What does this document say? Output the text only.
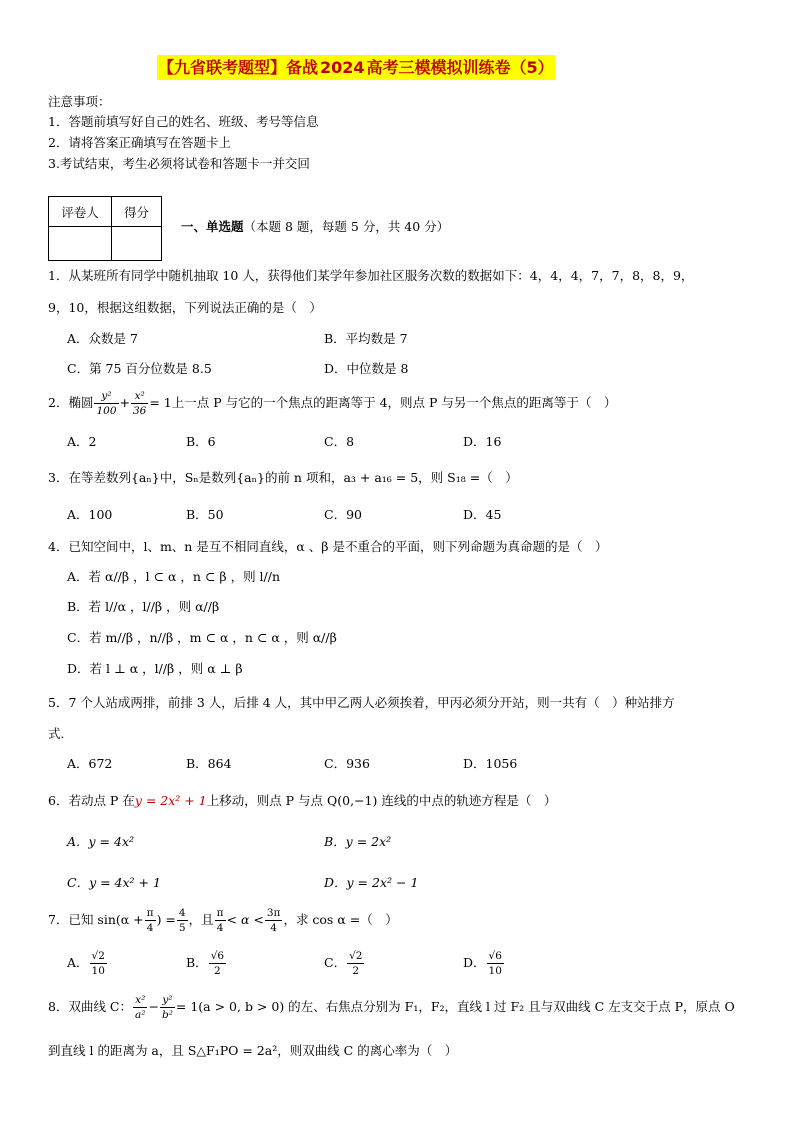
【九省联考题型】备战 2024 高考三模模拟训练卷（5）
注意事项：
1．答题前填写好自己的姓名、班级、考号等信息
2．请将答案正确填写在答题卡上
3.考试结束，考生必须将试卷和答题卡一并交回
评卷人	得分

一、单选题（本题 8 题，每题 5 分，共 40 分）
1．从某班所有同学中随机抽取 10 人，获得他们某学年参加社区服务次数的数据如下：4，4，4，7，7，8，8，9，
9，10，根据这组数据，下列说法正确的是（　）
A．众数是 7	B．平均数是 7
C．第 75 百分位数是 8.5	D．中位数是 8
2．椭圆 $\frac{\text{y²}}{100} + \frac{\text{x²}}{36} = 1$上一点 P 与它的一个焦点的距离等于 4，则点 P 与另一个焦点的距离等于（　）
A．2	B．6	C．8	D．16
3．在等差数列{aₙ}中，Sₙ是数列{aₙ}的前 n 项和，a₃ + a₁₆ = 5，则 S₁₈ =（　）
A．100	B．50	C．90	D．45
4．已知空间中，l、m、n 是互不相同直线，α 、β 是不重合的平面，则下列命题为真命题的是（　）
A．若 α//β ，l ⊂ α ，n ⊂ β ，则 l//n
B．若 l//α ，l//β ，则 α//β
C．若 m//β ，n//β ，m ⊂ α ，n ⊂ α ，则 α//β
D．若 l ⊥ α ，l//β ，则 α ⊥ β
5．7 个人站成两排，前排 3 人，后排 4 人，其中甲乙两人必须挨着，甲丙必须分开站，则一共有（　）种站排方
式．
A．672	B．864	C．936	D．1056
6．若动点 P 在y = 2x² + 1上移动，则点 P 与点 Q(0,−1) 连线的中点的轨迹方程是（　）
A．y = 4x²	B．y = 2x²
C．y = 4x² + 1	D．y = 2x² − 1
7．已知 $\sin(\alpha + \frac{\pi}{4}$ ) = $\frac{4}{5}$ ，且 $\frac{\pi}{4} < \alpha < \frac{3\pi}{4}$ ，求 cos α =（　）
A． $\frac{√2}{10}$	B． $\frac{√6}{2}$	C． $\frac{√2}{2}$	D． $\frac{√6}{10}$
8．双曲线 C： $\frac{\text{x²}}{\text{a²}} - \frac{\text{y²}}{\text{b²}} = 1(a > 0$, b > 0) 的左、右焦点分别为 F₁，F₂，直线 l 过 F₂ 且与双曲线 C 左支交于点 P，原点 O
到直线 l 的距离为 a，且 S△F₁PO = 2a²，则双曲线 C 的离心率为（　）
